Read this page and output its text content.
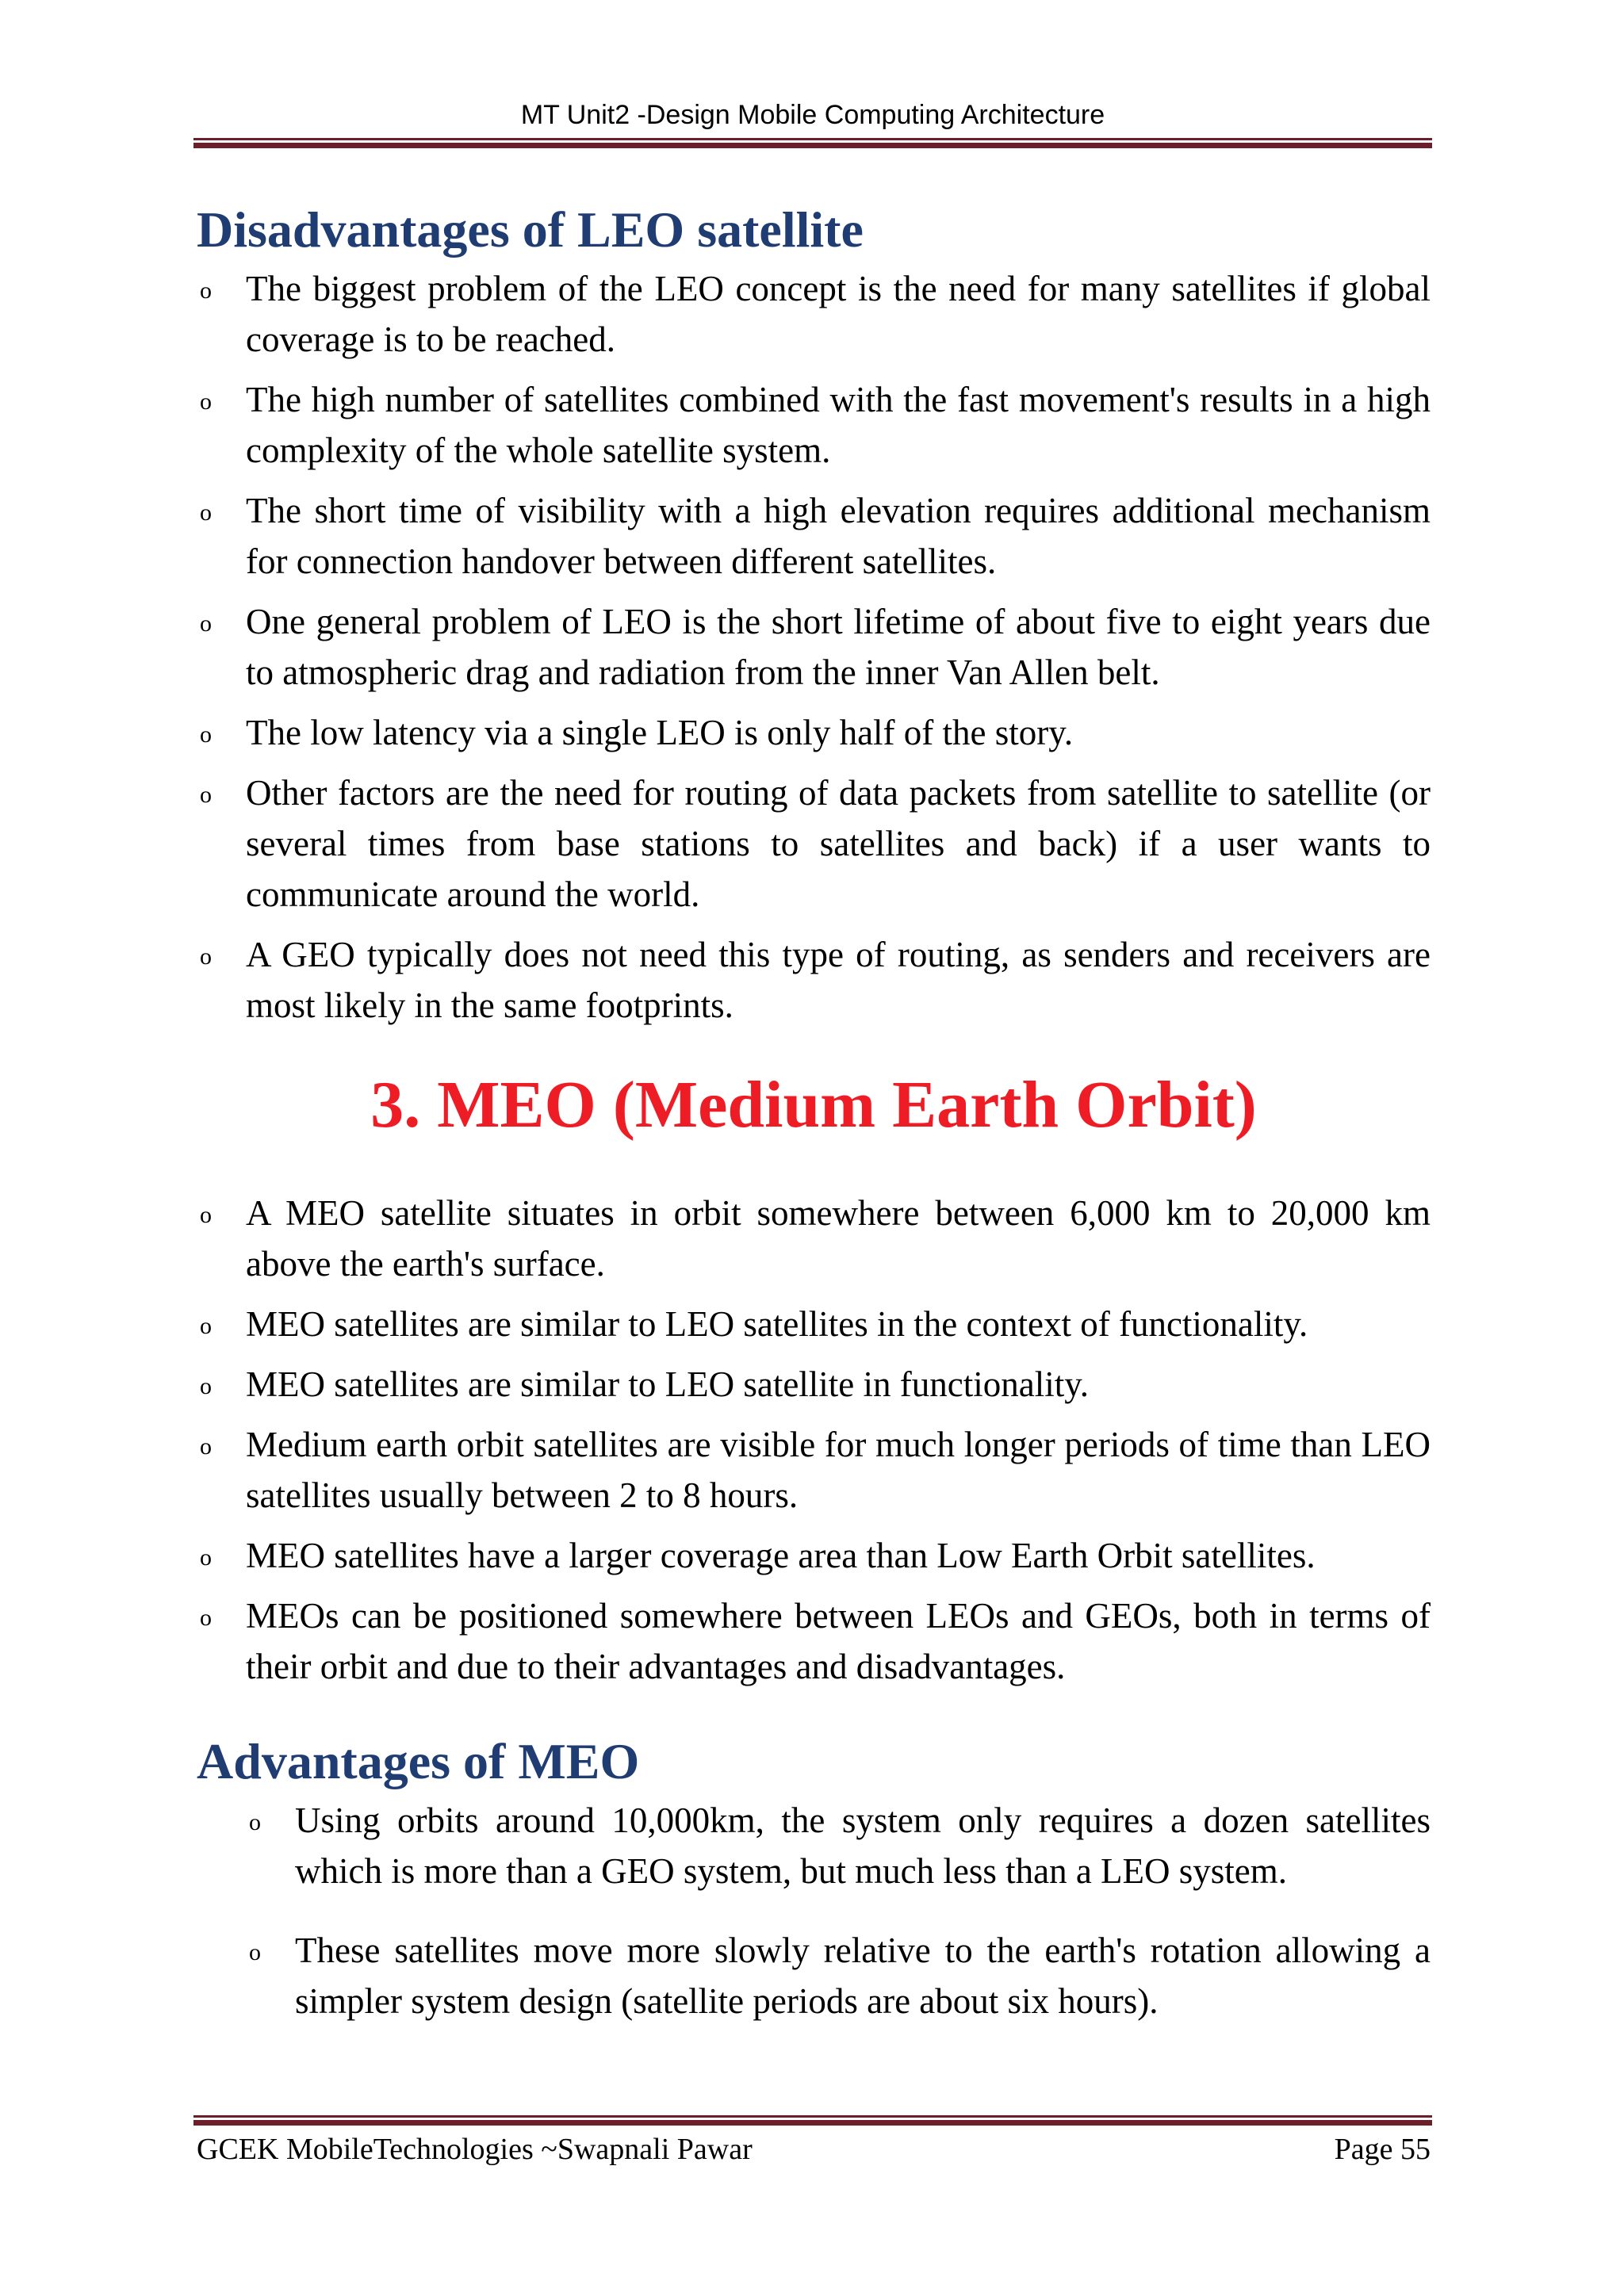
MT Unit2 -Design Mobile Computing Architecture
Disadvantages of LEO satellite
o The biggest problem of the LEO concept is the need for many satellites if global coverage is to be reached.
o The high number of satellites combined with the fast movement's results in a high complexity of the whole satellite system.
o The short time of visibility with a high elevation requires additional mechanism for connection handover between different satellites.
o One general problem of LEO is the short lifetime of about five to eight years due to atmospheric drag and radiation from the inner Van Allen belt.
o The low latency via a single LEO is only half of the story.
o Other factors are the need for routing of data packets from satellite to satellite (or several times from base stations to satellites and back) if a user wants to communicate around the world.
o A GEO typically does not need this type of routing, as senders and receivers are most likely in the same footprints.
3. MEO (Medium Earth Orbit)
o A MEO satellite situates in orbit somewhere between 6,000 km to 20,000 km above the earth's surface.
o MEO satellites are similar to LEO satellites in the context of functionality.
o MEO satellites are similar to LEO satellite in functionality.
o Medium earth orbit satellites are visible for much longer periods of time than LEO satellites usually between 2 to 8 hours.
o MEO satellites have a larger coverage area than Low Earth Orbit satellites.
o MEOs can be positioned somewhere between LEOs and GEOs, both in terms of their orbit and due to their advantages and disadvantages.
Advantages of MEO
o Using orbits around 10,000km, the system only requires a dozen satellites which is more than a GEO system, but much less than a LEO system.
o These satellites move more slowly relative to the earth's rotation allowing a simpler system design (satellite periods are about six hours).
GCEK MobileTechnologies ~Swapnali Pawar	Page 55
